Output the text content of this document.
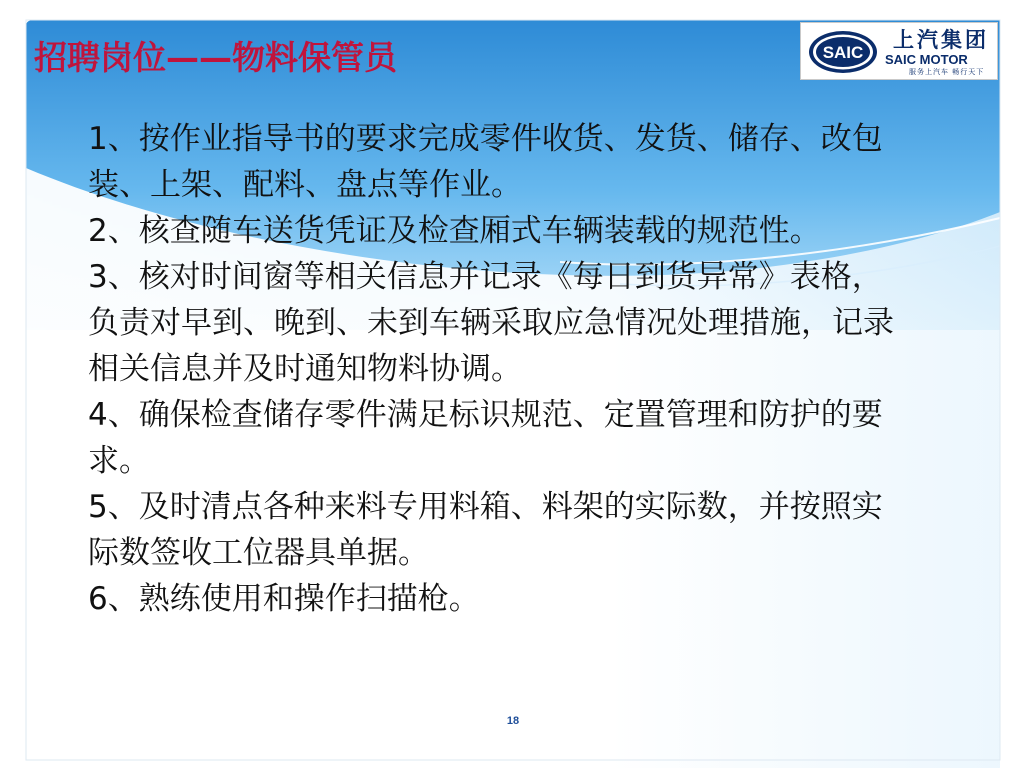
招聘岗位——物料保管员	SAIC
上汽集团
SAIC MOTOR
服务上汽车 畅行天下
1、按作业指导书的要求完成零件收货、发货、储存、改包装、上架、配料、盘点等作业。
2、核查随车送货凭证及检查厢式车辆装载的规范性。
3、核对时间窗等相关信息并记录《每日到货异常》表格，负责对早到、晚到、未到车辆采取应急情况处理措施，记录相关信息并及时通知物料协调。
4、确保检查储存零件满足标识规范、定置管理和防护的要求。
5、及时清点各种来料专用料箱、料架的实际数，并按照实际数签收工位器具单据。
6、熟练使用和操作扫描枪。
18
